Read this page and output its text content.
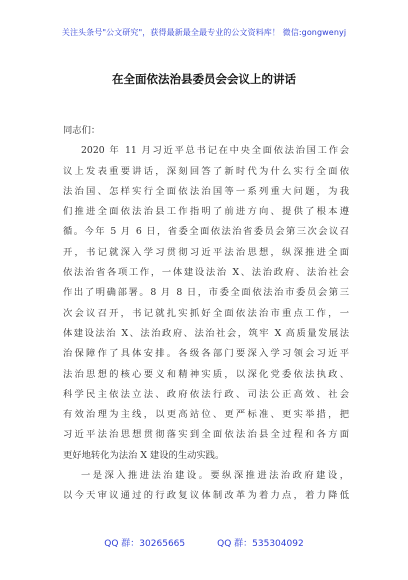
关注头条号"公文研究"，获得最新最全最专业的公文资料库！ 微信:gongwenyj
在全面依法治县委员会会议上的讲话
同志们：
2020 年 11 月习近平总书记在中央全面依法治国工作会
议上发表重要讲话，深刻回答了新时代为什么实行全面依
法治国、怎样实行全面依法治国等一系列重大问题，为我
们推进全面依法治县工作指明了前进方向、提供了根本遵
循。今年 5 月 6 日，省委全面依法治省委员会第三次会议召
开，书记就深入学习贯彻习近平法治思想，纵深推进全面
依法治省各项工作，一体建设法治 X、法治政府、法治社会
作出了明确部署。8 月 8 日，市委全面依法治市委员会第三
次会议召开，书记就扎实抓好全面依法治市重点工作，一
体建设法治 X、法治政府、法治社会，筑牢 X 高质量发展法
治保障作了具体安排。各级各部门要深入学习领会习近平
法治思想的核心要义和精神实质，以深化党委依法执政、
科学民主依法立法、政府依法行政、司法公正高效、社会
有效治理为主线，以更高站位、更严标准、更实举措，把
习近平法治思想贯彻落实到全面依法治县全过程和各方面
更好地转化为法治 X 建设的生动实践。
一是深入推进法治建设。要纵深推进法治政府建设，
以今天审议通过的行政复议体制改革为着力点，着力降低
QQ 群：30265665	QQ 群：535304092
